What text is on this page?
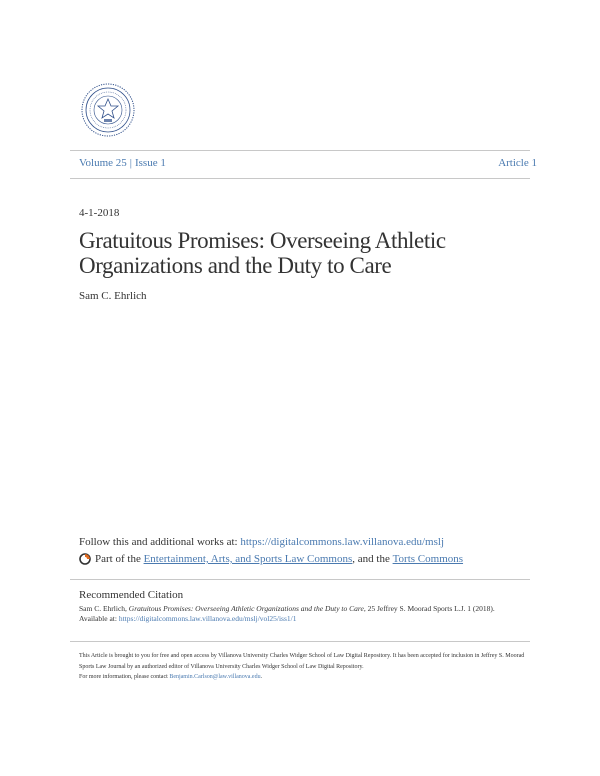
Volume 25 | Issue 1	Article 1
4-1-2018
Gratuitous Promises: Overseeing Athletic Organizations and the Duty to Care
Sam C. Ehrlich
Follow this and additional works at: https://digitalcommons.law.villanova.edu/mslj
Part of the
Entertainment, Arts, and Sports Law Commons , and the
Torts Commons
Recommended Citation
Sam C. Ehrlich, Gratuitous Promises: Overseeing Athletic Organizations and the Duty to Care, 25 Jeffrey S. Moorad Sports L.J. 1 (2018).
Available at: https://digitalcommons.law.villanova.edu/mslj/vol25/iss1/1
This Article is brought to you for free and open access by Villanova University Charles Widger School of Law Digital Repository. It has been accepted for inclusion in Jeffrey S. Moorad Sports Law Journal by an authorized editor of Villanova University Charles Widger School of Law Digital Repository.
For more information, please contact Benjamin.Carlson@law.villanova.edu.
